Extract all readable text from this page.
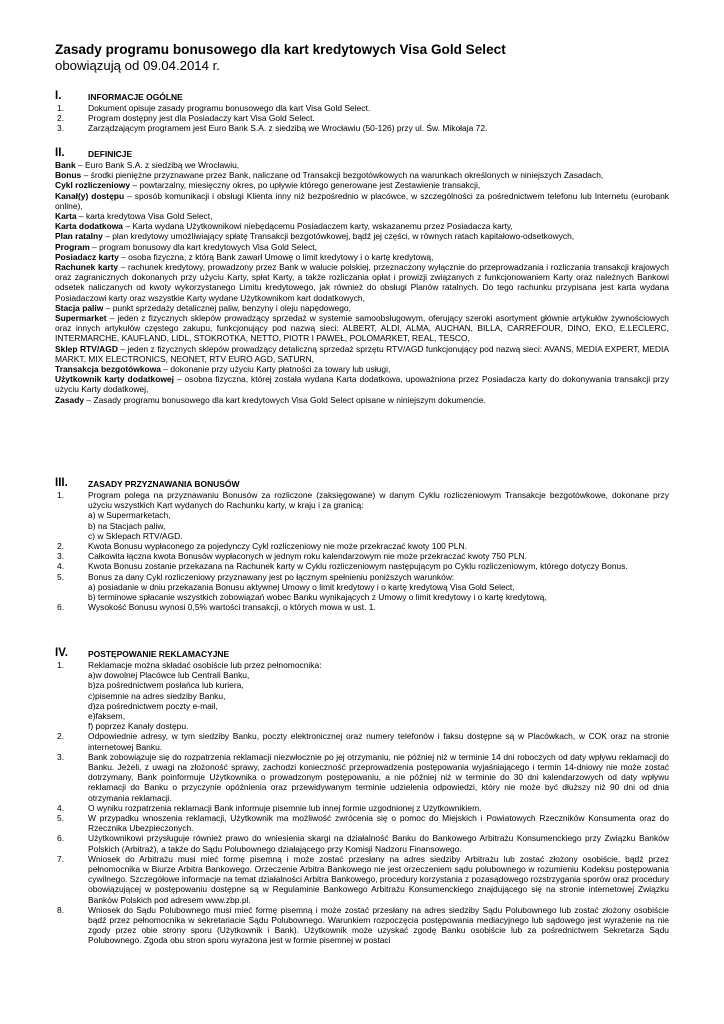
Zasady programu bonusowego dla kart kredytowych Visa Gold Select
obowiązują od 09.04.2014 r.
I.	INFORMACJE OGÓLNE
1.	Dokument opisuje zasady programu bonusowego dla kart Visa Gold Select.
2.	Program dostępny jest dla Posiadaczy kart Visa Gold Select.
3.	Zarządzającym programem jest Euro Bank S.A. z siedzibą we Wrocławiu (50-126) przy ul. Św. Mikołaja 72.
II.	DEFINICJE
Bank – Euro Bank S.A. z siedzibą we Wrocławiu,
Bonus – środki pieniężne przyznawane przez Bank, naliczane od Transakcji bezgotówkowych na warunkach określonych w niniejszych Zasadach,
Cykl rozliczeniowy – powtarzalny, miesięczny okres, po upływie którego generowane jest Zestawienie transakcji,
Kanał(y) dostępu – sposób komunikacji i obsługi Klienta inny niż bezpośrednio w placówce, w szczególności za pośrednictwem telefonu lub Internetu (eurobank online),
Karta – karta kredytowa Visa Gold Select,
Karta dodatkowa – Karta wydana Użytkownikowi niebędącemu Posiadaczem karty, wskazanemu przez Posiadacza karty,
Plan ratalny – plan kredytowy umożliwiający spłatę Transakcji bezgotówkowej, bądź jej części, w równych ratach kapitałowo-odsetkowych,
Program – program bonusowy dla kart kredytowych Visa Gold Select,
Posiadacz karty – osoba fizyczna, z którą Bank zawarł Umowę o limit kredytowy i o kartę kredytową,
Rachunek karty – rachunek kredytowy, prowadzony przez Bank w walucie polskiej, przeznaczony wyłącznie do przeprowadzania i rozliczania transakcji krajowych oraz zagranicznych dokonanych przy użyciu Karty, spłat Karty, a także rozliczania opłat i prowizji związanych z funkcjonowaniem Karty oraz należnych Bankowi odsetek naliczanych od kwoty wykorzystanego Limitu kredytowego, jak również do obsługi Planów ratalnych. Do tego rachunku przypisana jest karta wydana Posiadaczowi karty oraz wszystkie Karty wydane Użytkownikom kart dodatkowych,
Stacja paliw – punkt sprzedaży detalicznej paliw, benzyny i oleju napędowego,
Supermarket – jeden z fizycznych sklepów prowadzący sprzedaż w systemie samoobsługowym, oferujący szeroki asortyment głównie artykułów żywnościowych oraz innych artykułów częstego zakupu, funkcjonujący pod nazwą sieci: ALBERT, ALDI, ALMA, AUCHAN, BILLA, CARREFOUR, DINO, EKO, E.LECLERC, INTERMARCHE, KAUFLAND, LIDL, STOKROTKA, NETTO, PIOTR I PAWEŁ, POLOMARKET, REAL, TESCO,
Sklep RTV/AGD – jeden z fizycznych sklepów prowadzący detaliczną sprzedaż sprzętu RTV/AGD funkcjonujący pod nazwą sieci: AVANS, MEDIA EXPERT, MEDIA MARKT, MIX ELECTRONICS, NEONET, RTV EURO AGD, SATURN,
Transakcja bezgotówkowa – dokonanie przy użyciu Karty płatności za towary lub usługi,
Użytkownik karty dodatkowej – osobna fizyczna, której została wydana Karta dodatkowa, upoważniona przez Posiadacza karty do dokonywania transakcji przy użyciu Karty dodatkowej,
Zasady – Zasady programu bonusowego dla kart kredytowych Visa Gold Select opisane w niniejszym dokumencie.
III. ZASADY PRZYZNAWANIA BONUSÓW
1.	Program polega na przyznawaniu Bonusów za rozliczone (zaksięgowane) w danym Cyklu rozliczeniowym Transakcje bezgotówkowe, dokonane przy użyciu wszystkich Kart wydanych do Rachunku karty, w kraju i za granicą:
a) w Supermarketach,
b) na Stacjach paliw,
c) w Sklepach RTV/AGD.
2.	Kwota Bonusu wypłaconego za pojedynczy Cykl rozliczeniowy nie może przekraczać kwoty 100 PLN.
3.	Całkowita łączna kwota Bonusów wypłaconych w jednym roku kalendarzowym nie może przekraczać kwoty 750 PLN.
4.	Kwota Bonusu zostanie przekazana na Rachunek karty w Cyklu rozliczeniowym następującym po Cyklu rozliczeniowym, którego dotyczy Bonus.
5.	Bonus za dany Cykl rozliczeniowy przyznawany jest po łącznym spełnieniu poniższych warunków:
a) posiadanie w dniu przekazania Bonusu aktywnej Umowy o limit kredytowy i o kartę kredytową Visa Gold Select,
b) terminowe spłacanie wszystkich zobowiązań wobec Banku wynikających z Umowy o limit kredytowy i o kartę kredytową,
6.	Wysokość Bonusu wynosi 0,5% wartości transakcji, o których mowa w ust. 1.
IV. POSTĘPOWANIE REKLAMACYJNE
1.	Reklamacje można składać osobiście lub przez pełnomocnika:
a)w dowolnej Placówce lub Centrali Banku,
b)za pośrednictwem posłańca lub kuriera,
c)pisemnie na adres siedziby Banku,
d)za pośrednictwem poczty e-mail,
e)faksem,
f) poprzez Kanały dostępu.
2.	Odpowiednie adresy, w tym siedziby Banku, poczty elektronicznej oraz numery telefonów i faksu dostępne są w Placówkach, w COK oraz na stronie internetowej Banku.
3.	Bank zobowiązuje się do rozpatrzenia reklamacji niezwłocznie po jej otrzymaniu, nie później niż w terminie 14 dni roboczych od daty wpływu reklamacji do Banku. Jeżeli, z uwagi na złożoność sprawy, zachodzi konieczność przeprowadzenia postępowania wyjaśniającego i termin 14-dniowy nie może zostać dotrzymany, Bank poinformuje Użytkownika o prowadzonym postępowaniu, a nie później niż w terminie do 30 dni kalendarzowych od daty wpływu reklamacji do Banku o przyczynie opóźnienia oraz przewidywanym terminie udzielenia odpowiedzi, który nie może być dłuższy niż 90 dni od dnia otrzymania reklamacji.
4.	O wyniku rozpatrzenia reklamacji Bank informuje pisemnie lub innej formie uzgodnionej z Użytkownikiem.
5.	W przypadku wnoszenia reklamacji, Użytkownik ma możliwość zwrócenia się o pomoc do Miejskich i Powiatowych Rzeczników Konsumenta oraz do Rzecznika Ubezpieczonych.
6.	Użytkownikowi przysługuje również prawo do wniesienia skargi na działalność Banku do Bankowego Arbitrażu Konsumenckiego przy Związku Banków Polskich (Arbitraż), a także do Sądu Polubownego działającego przy Komisji Nadzoru Finansowego.
7.	Wniosek do Arbitrażu musi mieć formę pisemną i może zostać przesłany na adres siedziby Arbitrażu lub zostać złożony osobiście, bądź przez pełnomocnika w Biurze Arbitra Bankowego. Orzeczenie Arbitra Bankowego nie jest orzeczeniem sądu polubownego w rozumieniu Kodeksu postępowania cywilnego. Szczegółowe informacje na temat działalności Arbitra Bankowego, procedury korzystania z pozasądowego rozstrzygania sporów oraz procedury obowiązującej w postępowaniu dostępne są w Regulaminie Bankowego Arbitrażu Konsumenckiego znajdującego się na stronie internetowej Związku Banków Polskich pod adresem www.zbp.pl.
8.	Wniosek do Sądu Polubownego musi mieć formę pisemną i może zostać przesłany na adres siedziby Sądu Polubownego lub zostać złożony osobiście bądź przez pełnomocnika w sekretariacie Sądu Polubownego. Warunkiem rozpoczęcia postępowania mediacyjnego lub sądowego jest wyrażenie na nie zgody przez obie strony sporu (Użytkownik i Bank). Użytkownik może uzyskać zgodę Banku osobiście lub za pośrednictwem Sekretarza Sądu Polubownego. Zgoda obu stron sporu wyrażona jest w formie pisemnej w postaci
